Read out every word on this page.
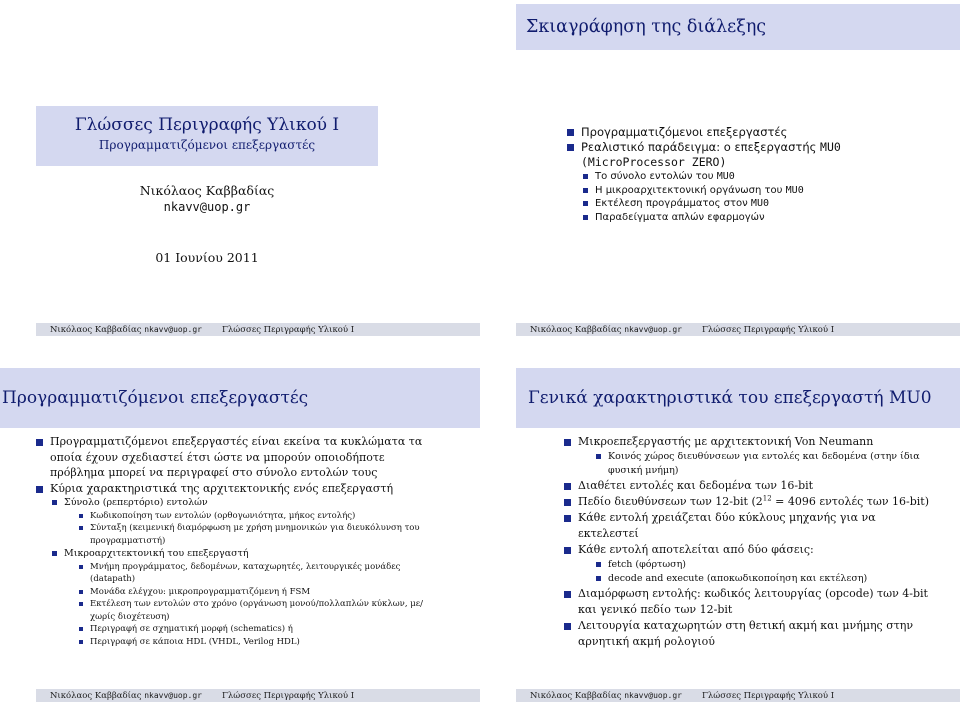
Γλώσσες Περιγραφής Υλικού Ι
Προγραμματιζόμενοι επεξεργαστές
Νικόλαος Καββαδίας
nkavv@uop.gr
01 Ιουνίου 2011
Νικόλαος Καββαδίας nkavv@uop.gr	Γλώσσες Περιγραφής Υλικού Ι
Σκιαγράφηση της διάλεξης
Προγραμματιζόμενοι επεξεργαστές
Ρεαλιστικό παράδειγμα: ο επεξεργαστής MU0
(MicroProcessor ZERO)
Το σύνολο εντολών του MU0
Η μικροαρχιτεκτονική οργάνωση του MU0
Εκτέλεση προγράμματος στον MU0
Παραδείγματα απλών εφαρμογών
Νικόλαος Καββαδίας nkavv@uop.gr	Γλώσσες Περιγραφής Υλικού Ι
Προγραμματιζόμενοι επεξεργαστές
Προγραμματιζόμενοι επεξεργαστές είναι εκείνα τα κυκλώματα τα οποία έχουν σχεδιαστεί έτσι ώστε να μπορούν οποιοδήποτε πρόβλημα μπορεί να περιγραφεί στο σύνολο εντολών τους
Κύρια χαρακτηριστικά της αρχιτεκτονικής ενός επεξεργαστή
Σύνολο (ρεπερτόριο) εντολών
Κωδικοποίηση των εντολών (ορθογωνιότητα, μήκος εντολής)
Σύνταξη (κειμενική διαμόρφωση με χρήση μνημονικών για διευκόλυνση του προγραμματιστή)
Μικροαρχιτεκτονική του επεξεργαστή
Μνήμη προγράμματος, δεδομένων, καταχωρητές, λειτουργικές μονάδες (datapath)
Μονάδα ελέγχου: μικροπρογραμματιζόμενη ή FSM
Εκτέλεση των εντολών στο χρόνο (οργάνωση μονού/πολλαπλών κύκλων, με/χωρίς διοχέτευση)
Περιγραφή σε σχηματική μορφή (schematics) ή
Περιγραφή σε κάποια HDL (VHDL, Verilog HDL)
Νικόλαος Καββαδίας nkavv@uop.gr	Γλώσσες Περιγραφής Υλικού Ι
Γενικά χαρακτηριστικά του επεξεργαστή MU0
Μικροεπεξεργαστής με αρχιτεκτονική Von Neumann
Κοινός χώρος διευθύνσεων για εντολές και δεδομένα (στην ίδια φυσική μνήμη)
Διαθέτει εντολές και δεδομένα των 16-bit
Πεδίο διευθύνσεων των 12-bit ($2^{12} = 4096$ εντολές των 16-bit)
Κάθε εντολή χρειάζεται δύο κύκλους μηχανής για να εκτελεστεί
Κάθε εντολή αποτελείται από δύο φάσεις:
fetch (φόρτωση)
decode and execute (αποκωδικοποίηση και εκτέλεση)
Διαμόρφωση εντολής: κωδικός λειτουργίας (opcode) των 4-bit και γενικό πεδίο των 12-bit
Λειτουργία καταχωρητών στη θετική ακμή και μνήμης στην αρνητική ακμή ρολογιού
Νικόλαος Καββαδίας nkavv@uop.gr	Γλώσσες Περιγραφής Υλικού Ι
